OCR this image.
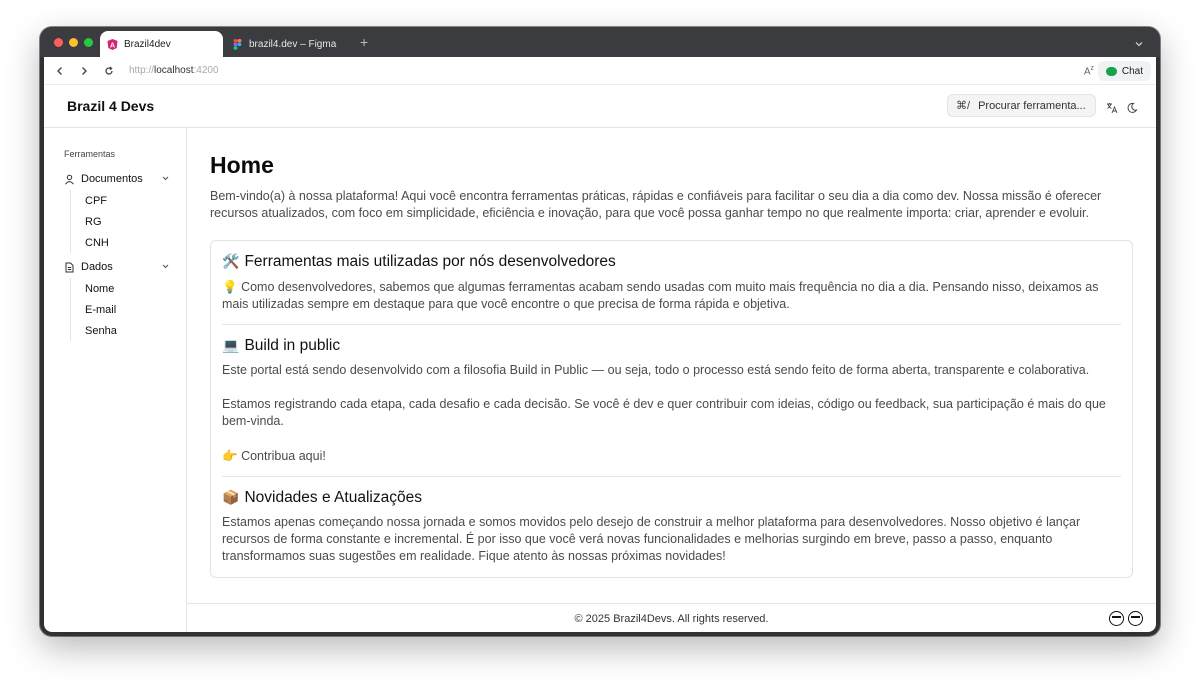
A Brazil4dev	brazil4.dev – Figma +
http://localhost:4200	$A^z$	Chat
Brazil 4 Devs	⌘/ Procurar ferramenta...
Ferramentas
Documentos
CPF
RG
CNH
Dados
Nome
E-mail
Senha
Home

Bem-vindo(a) à nossa plataforma! Aqui você encontra ferramentas práticas, rápidas e confiáveis para facilitar o seu dia a dia como dev. Nossa missão é oferecer recursos atualizados, com foco em simplicidade, eficiência e inovação, para que você possa ganhar tempo no que realmente importa: criar, aprender e evoluir.

🛠️ Ferramentas mais utilizadas por nós desenvolvedores

💡 Como desenvolvedores, sabemos que algumas ferramentas acabam sendo usadas com muito mais frequência no dia a dia. Pensando nisso, deixamos as mais utilizadas sempre em destaque para que você encontre o que precisa de forma rápida e objetiva.

💻 Build in public

Este portal está sendo desenvolvido com a filosofia Build in Public — ou seja, todo o processo está sendo feito de forma aberta, transparente e colaborativa.

Estamos registrando cada etapa, cada desafio e cada decisão. Se você é dev e quer contribuir com ideias, código ou feedback, sua participação é mais do que bem-vinda.

👉 Contribua aqui!

📦 Novidades e Atualizações

Estamos apenas começando nossa jornada e somos movidos pelo desejo de construir a melhor plataforma para desenvolvedores. Nosso objetivo é lançar recursos de forma constante e incremental. É por isso que você verá novas funcionalidades e melhorias surgindo em breve, passo a passo, enquanto transformamos suas sugestões em realidade. Fique atento às nossas próximas novidades!

© 2025 Brazil4Devs. All rights reserved.
